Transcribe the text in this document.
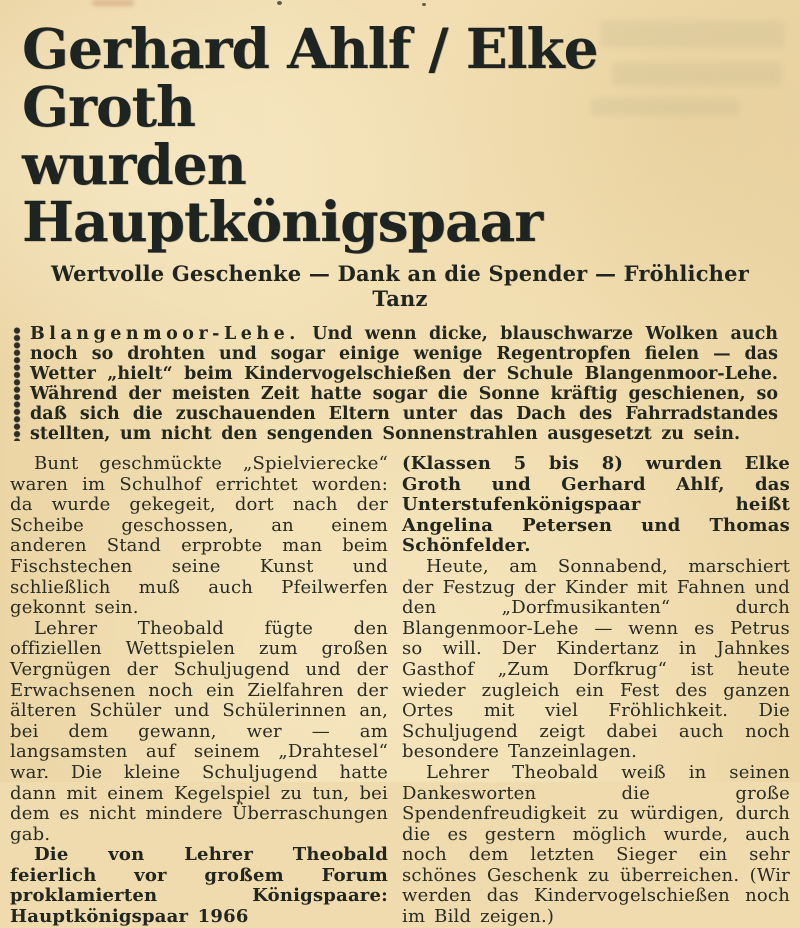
Gerhard Ahlf / Elke Groth
wurden Hauptkönigspaar
Wertvolle Geschenke — Dank an die Spender — Fröhlicher Tanz

Blangenmoor-Lehe. Und wenn dicke, blauschwarze Wolken auch noch so drohten und sogar einige wenige Regentropfen fielen — das Wetter „hielt“ beim Kindervogelschießen der Schule Blangenmoor-Lehe. Während der meisten Zeit hatte sogar die Sonne kräftig geschienen, so daß sich die zuschauenden Eltern unter das Dach des Fahrradstandes stellten, um nicht den sengenden Sonnenstrahlen ausgesetzt zu sein.

Bunt geschmückte „Spielvierecke“ waren im Schulhof errichtet worden: da wurde gekegeit, dort nach der Scheibe geschossen, an einem anderen Stand erprobte man beim Fischstechen seine Kunst und schließlich muß auch Pfeilwerfen gekonnt sein.

Lehrer Theobald fügte den offiziellen Wettspielen zum großen Vergnügen der Schuljugend und der Erwachsenen noch ein Zielfahren der älteren Schüler und Schülerinnen an, bei dem gewann, wer — am langsamsten auf seinem „Drahtesel“ war. Die kleine Schuljugend hatte dann mit einem Kegelspiel zu tun, bei dem es nicht mindere Überraschungen gab.

Die von Lehrer Theobald feierlich vor großem Forum proklamierten Königspaare: Hauptkönigspaar 1966

(Klassen 5 bis 8) wurden Elke Groth und Gerhard Ahlf, das Unterstufenkönigspaar heißt Angelina Petersen und Thomas Schönfelder.

Heute, am Sonnabend, marschiert der Festzug der Kinder mit Fahnen und den „Dorfmusikanten“ durch Blangenmoor-Lehe — wenn es Petrus so will. Der Kindertanz in Jahnkes Gasthof „Zum Dorfkrug“ ist heute wieder zugleich ein Fest des ganzen Ortes mit viel Fröhlichkeit. Die Schuljugend zeigt dabei auch noch besondere Tanzeinlagen.

Lehrer Theobald weiß in seinen Dankesworten die große Spendenfreudigkeit zu würdigen, durch die es gestern möglich wurde, auch noch dem letzten Sieger ein sehr schönes Geschenk zu überreichen. (Wir werden das Kindervogelschießen noch im Bild zeigen.)
